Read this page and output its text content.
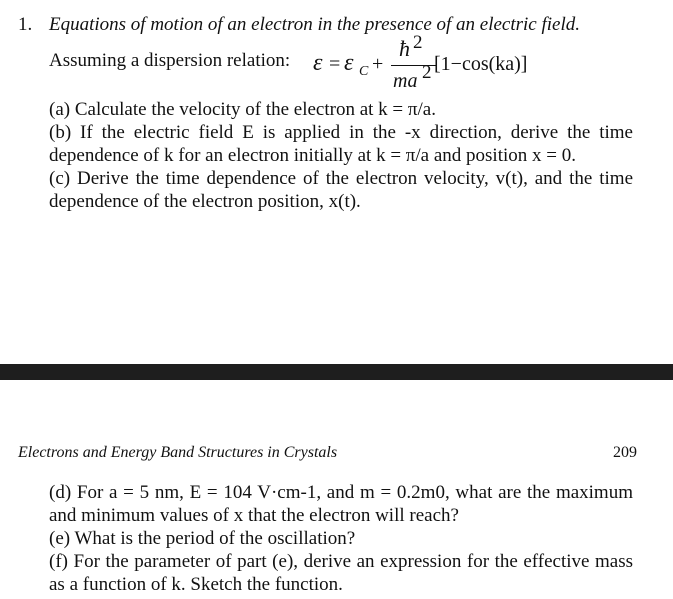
1. Equations of motion of an electron in the presence of an electric field.
Assuming a dispersion relation: ε = ε C +
ħ 2
ma 2 [1−cos(ka)]

(a) Calculate the velocity of the electron at k = π/a.

(b) If the electric field E is applied in the -x direction, derive the time dependence of k for an electron initially at k = π/a and position x = 0.

(c) Derive the time dependence of the electron velocity, v(t), and the time dependence of the electron position, x(t).

Electrons and Energy Band Structures in Crystals	209

(d) For a = 5 nm, E = 104 V·cm-1, and m = 0.2m0, what are the maximum and minimum values of x that the electron will reach?

(e) What is the period of the oscillation?

(f) For the parameter of part (e), derive an expression for the effective mass as a function of k. Sketch the function.
